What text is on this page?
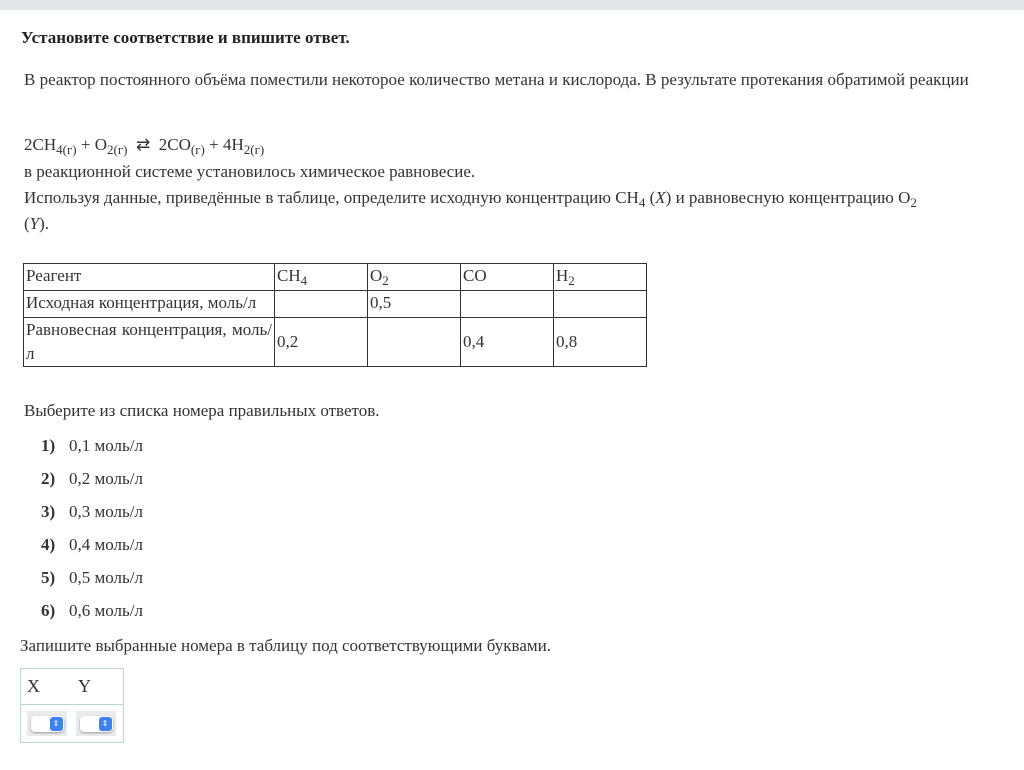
Установите соответствие и впишите ответ.
В реактор постоянного объёма поместили некоторое количество метана и кислорода. В результате протекания обратимой реакции
$2CH_{4(г)} + O_{2(г)}$ ⇄ $2CO_{(г)} + 4H_{2(г)}$
в реакционной системе установилось химическое равновесие.
Используя данные, приведённые в таблице, определите исходную концентрацию $CH_4$ (X) и равновесную концентрацию $O_2$
(Y).
Реагент	$CH_4$	$O_2$	CO	$H_2$
Исходная концентрация, моль/л		0,5		
Равновесная концентрация, моль/л	0,2		0,4	0,8
Выберите из списка номера правильных ответов.
1) 0,1 моль/л
2) 0,2 моль/л
3) 0,3 моль/л
4) 0,4 моль/л
5) 0,5 моль/л
6) 0,6 моль/л
Запишите выбранные номера в таблицу под соответствующими буквами.
X	Y
⇕	⇕
